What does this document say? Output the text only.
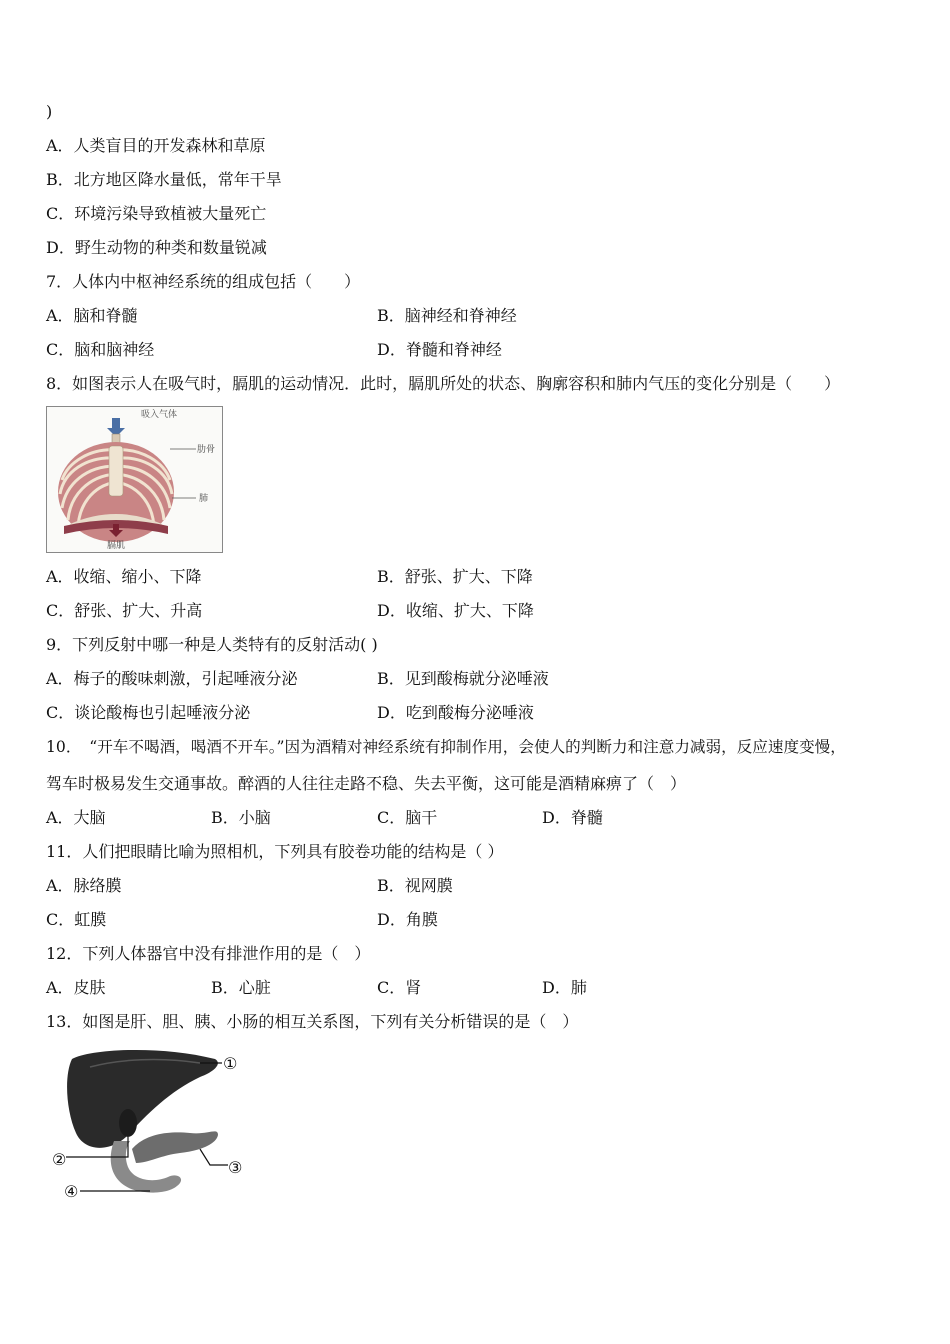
)
A．人类盲目的开发森林和草原
B．北方地区降水量低，常年干旱
C．环境污染导致植被大量死亡
D．野生动物的种类和数量锐减
7．人体内中枢神经系统的组成包括（　　）
A．脑和脊髓	B．脑神经和脊神经
C．脑和脑神经	D．脊髓和脊神经
8．如图表示人在吸气时，膈肌的运动情况．此时，膈肌所处的状态、胸廓容积和肺内气压的变化分别是（　　）
吸入气体
肋骨
肺
膈肌
A．收缩、缩小、下降	B．舒张、扩大、下降
C．舒张、扩大、升高	D．收缩、扩大、下降
9．下列反射中哪一种是人类特有的反射活动( )
A．梅子的酸味刺激，引起唾液分泌	B．见到酸梅就分泌唾液
C．谈论酸梅也引起唾液分泌	D．吃到酸梅分泌唾液
10．　“开车不喝酒，喝酒不开车。”因为酒精对神经系统有抑制作用，会使人的判断力和注意力减弱，反应速度变慢，
驾车时极易发生交通事故。醉酒的人往往走路不稳、失去平衡，这可能是酒精麻痹了（　）
A．大脑	B．小脑	C．脑干	D．脊髓
11．人们把眼睛比喻为照相机，下列具有胶卷功能的结构是（ ）
A．脉络膜	B．视网膜
C．虹膜	D．角膜
12．下列人体器官中没有排泄作用的是（　）
A．皮肤	B．心脏	C．肾	D．肺
13．如图是肝、胆、胰、小肠的相互关系图，下列有关分析错误的是（　）
①
②	③
④
